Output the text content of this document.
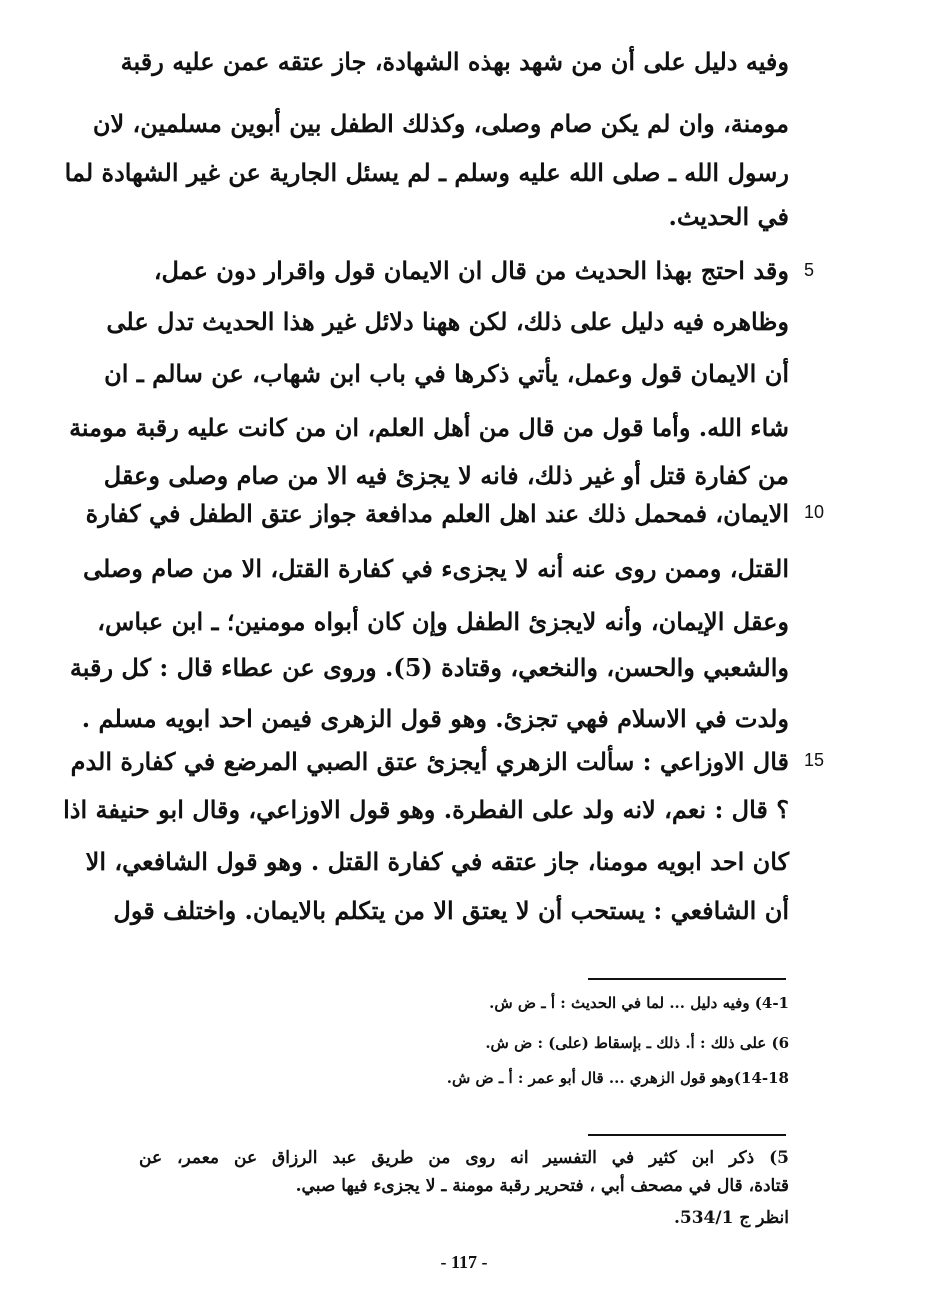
وفيه دليل على أن من شهد بهذه الشهادة، جاز عتقه عمن عليه رقبة
مومنة، وان لم يكن صام وصلى، وكذلك الطفل بين أبوين مسلمين، لان
رسول الله ـ صلى الله عليه وسلم ـ لم يسئل الجارية عن غير الشهادة لما
في الحديث.
5
وقد احتج بهذا الحديث من قال ان الايمان قول واقرار دون عمل،
وظاهره فيه دليل على ذلك، لكن ههنا دلائل غير هذا الحديث تدل على
أن الايمان قول وعمل، يأتي ذكرها في باب ابن شهاب، عن سالم ـ ان
شاء الله. وأما قول من قال من أهل العلم، ان من كانت عليه رقبة مومنة
من كفارة قتل أو غير ذلك، فانه لا يجزئ فيه الا من صام وصلى وعقل
10
الايمان، فمحمل ذلك عند اهل العلم مدافعة جواز عتق الطفل في كفارة
القتل، وممن روى عنه أنه لا يجزىء في كفارة القتل، الا من صام وصلى
وعقل الإيمان، وأنه لايجزئ الطفل وإن كان أبواه مومنين؛ ـ ابن عباس،
والشعبي والحسن، والنخعي، وقتادة (5). وروى عن عطاء قال : كل رقبة
ولدت في الاسلام فهي تجزئ. وهو قول الزهرى فيمن احد ابويه مسلم .
15
قال الاوزاعي : سألت الزهري أيجزئ عتق الصبي المرضع في كفارة الدم
؟ قال : نعم، لانه ولد على الفطرة. وهو قول الاوزاعي، وقال ابو حنيفة اذا
كان احد ابويه مومنا، جاز عتقه في كفارة القتل . وهو قول الشافعي، الا
أن الشافعي : يستحب أن لا يعتق الا من يتكلم بالايمان. واختلف قول
4-1) وفيه دليل ... لما في الحديث : أ ـ ض ش.
6) على ذلك : أ. ذلك ـ بإسقاط (على) : ض ش.
14-18)وهو قول الزهري ... قال أبو عمر : أ ـ ض ش.
5) ذكر ابن كثير في التفسير انه روى من طريق عبد الرزاق عن معمر، عن
قتادة، قال في مصحف أبي ، فتحرير رقبة مومنة ـ لا يجزىء فيها صبي.
انظر ج 534/1.
- 117 -
